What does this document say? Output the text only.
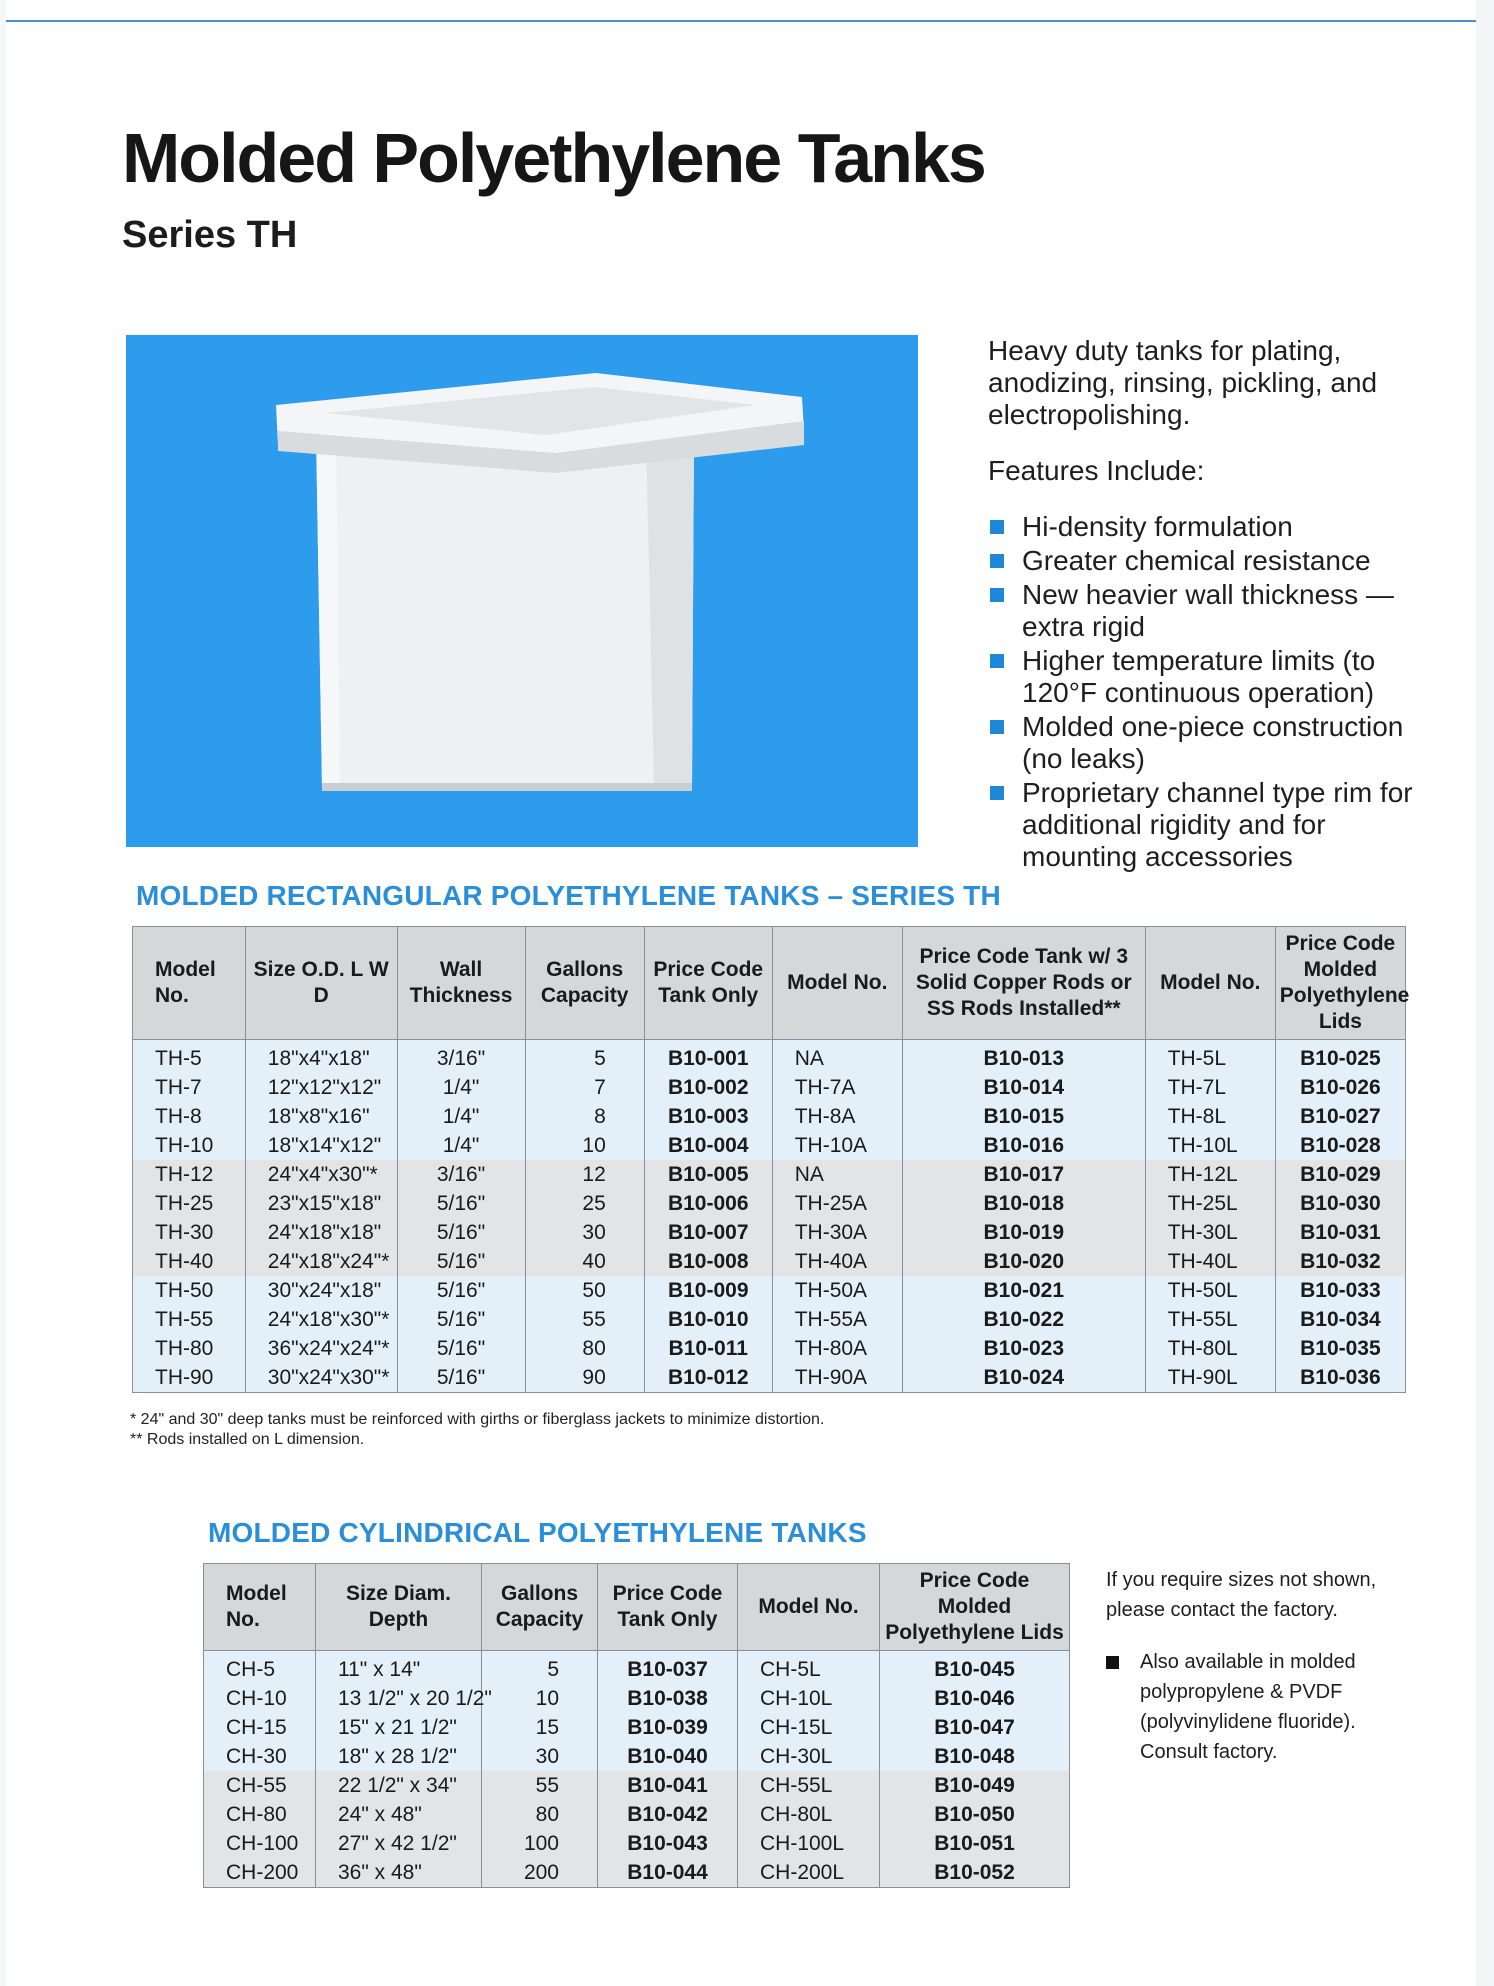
Molded Polyethylene Tanks
Series TH

Heavy duty tanks for plating, anodizing, rinsing, pickling, and electropolishing.

Features Include:

Hi-density formulation
Greater chemical resistance
New heavier wall thickness —extra rigid
Higher temperature limits (to 120°F continuous operation)
Molded one-piece construction (no leaks)
Proprietary channel type rim for additional rigidity and for mounting accessories
MOLDED RECTANGULAR POLYETHYLENE TANKS – SERIES TH
Model No.	Size O.D. L W D	Wall Thickness	Gallons Capacity	Price Code Tank Only	Model No.	Price Code Tank w/ 3 Solid Copper Rods or SS Rods Installed**	Model No.	Price Code Molded Polyethylene Lids
TH-5	18"x4"x18"	3/16"	5	B10-001	NA	B10-013	TH-5L	B10-025
TH-7	12"x12"x12"	1/4"	7	B10-002	TH-7A	B10-014	TH-7L	B10-026
TH-8	18"x8"x16"	1/4"	8	B10-003	TH-8A	B10-015	TH-8L	B10-027
TH-10	18"x14"x12"	1/4"	10	B10-004	TH-10A	B10-016	TH-10L	B10-028
TH-12	24"x4"x30"*	3/16"	12	B10-005	NA	B10-017	TH-12L	B10-029
TH-25	23"x15"x18"	5/16"	25	B10-006	TH-25A	B10-018	TH-25L	B10-030
TH-30	24"x18"x18"	5/16"	30	B10-007	TH-30A	B10-019	TH-30L	B10-031
TH-40	24"x18"x24"*	5/16"	40	B10-008	TH-40A	B10-020	TH-40L	B10-032
TH-50	30"x24"x18"	5/16"	50	B10-009	TH-50A	B10-021	TH-50L	B10-033
TH-55	24"x18"x30"*	5/16"	55	B10-010	TH-55A	B10-022	TH-55L	B10-034
TH-80	36"x24"x24"*	5/16"	80	B10-011	TH-80A	B10-023	TH-80L	B10-035
TH-90	30"x24"x30"*	5/16"	90	B10-012	TH-90A	B10-024	TH-90L	B10-036
* 24" and 30" deep tanks must be reinforced with girths or fiberglass jackets to minimize distortion.
** Rods installed on L dimension.
MOLDED CYLINDRICAL POLYETHYLENE TANKS
Model No.	Size Diam. Depth	Gallons Capacity	Price Code Tank Only	Model No.	Price Code Molded Polyethylene Lids
CH-5	11" x 14"	5	B10-037	CH-5L	B10-045
CH-10	13 1/2" x 20 1/2"	10	B10-038	CH-10L	B10-046
CH-15	15" x 21 1/2"	15	B10-039	CH-15L	B10-047
CH-30	18" x 28 1/2"	30	B10-040	CH-30L	B10-048
CH-55	22 1/2" x 34"	55	B10-041	CH-55L	B10-049
CH-80	24" x 48"	80	B10-042	CH-80L	B10-050
CH-100	27" x 42 1/2"	100	B10-043	CH-100L	B10-051
CH-200	36" x 48"	200	B10-044	CH-200L	B10-052

If you require sizes not shown, please contact the factory.

Also available in molded polypropylene & PVDF (polyvinylidene fluoride). Consult factory.
